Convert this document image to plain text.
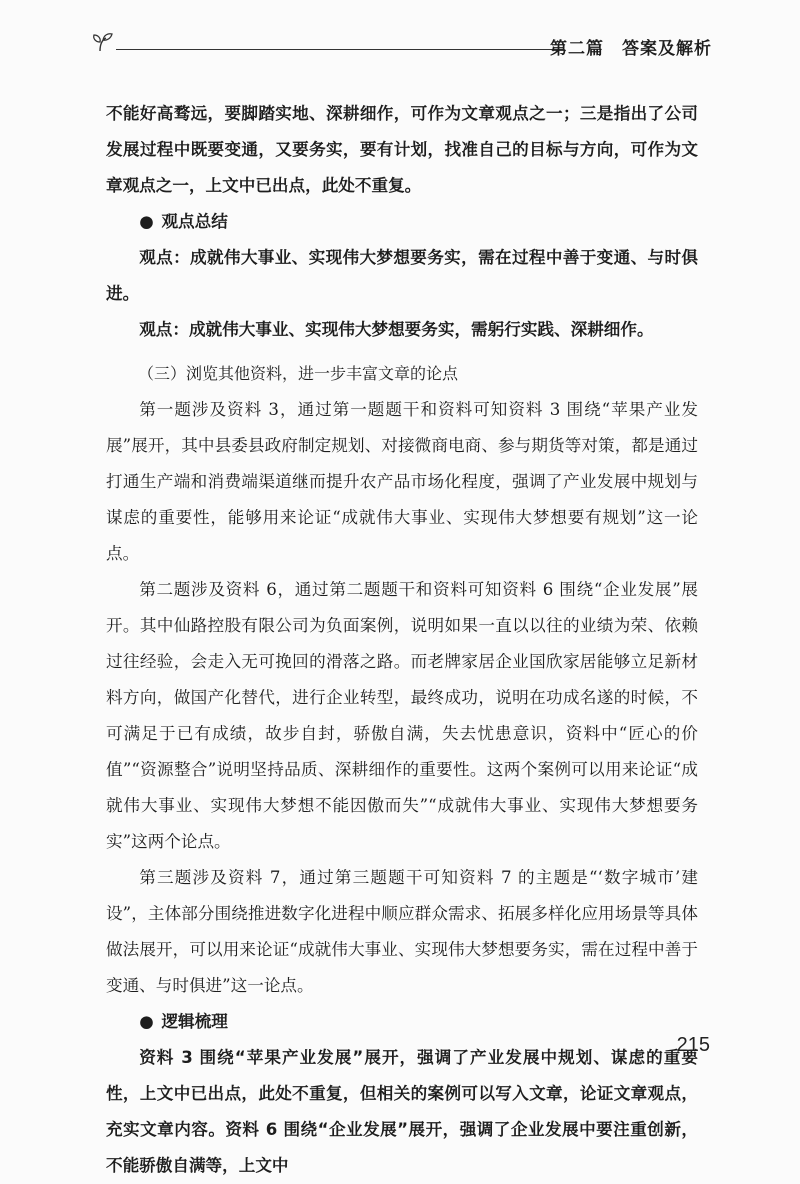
第二篇　答案及解析

不能好高骛远，要脚踏实地、深耕细作，可作为文章观点之一；三是指出了公司发展过程中既要变通，又要务实，要有计划，找准自己的目标与方向，可作为文章观点之一，上文中已出点，此处不重复。

● 观点总结

观点：成就伟大事业、实现伟大梦想要务实，需在过程中善于变通、与时俱进。

观点：成就伟大事业、实现伟大梦想要务实，需躬行实践、深耕细作。

（三）浏览其他资料，进一步丰富文章的论点

第一题涉及资料 3，通过第一题题干和资料可知资料 3 围绕“苹果产业发展”展开，其中县委县政府制定规划、对接微商电商、参与期货等对策，都是通过打通生产端和消费端渠道继而提升农产品市场化程度，强调了产业发展中规划与谋虑的重要性，能够用来论证“成就伟大事业、实现伟大梦想要有规划”这一论点。

第二题涉及资料 6，通过第二题题干和资料可知资料 6 围绕“企业发展”展开。其中仙路控股有限公司为负面案例，说明如果一直以以往的业绩为荣、依赖过往经验，会走入无可挽回的滑落之路。而老牌家居企业国欣家居能够立足新材料方向，做国产化替代，进行企业转型，最终成功，说明在功成名遂的时候，不可满足于已有成绩，故步自封，骄傲自满，失去忧患意识，资料中“匠心的价值”“资源整合”说明坚持品质、深耕细作的重要性。这两个案例可以用来论证“成就伟大事业、实现伟大梦想不能因傲而失”“成就伟大事业、实现伟大梦想要务实”这两个论点。

第三题涉及资料 7，通过第三题题干可知资料 7 的主题是“‘数字城市’建设”，主体部分围绕推进数字化进程中顺应群众需求、拓展多样化应用场景等具体做法展开，可以用来论证“成就伟大事业、实现伟大梦想要务实，需在过程中善于变通、与时俱进”这一论点。

● 逻辑梳理

资料 3 围绕“苹果产业发展”展开，强调了产业发展中规划、谋虑的重要性，上文中已出点，此处不重复，但相关的案例可以写入文章，论证文章观点，充实文章内容。资料 6 围绕“企业发展”展开，强调了企业发展中要注重创新，不能骄傲自满等，上文中

215
